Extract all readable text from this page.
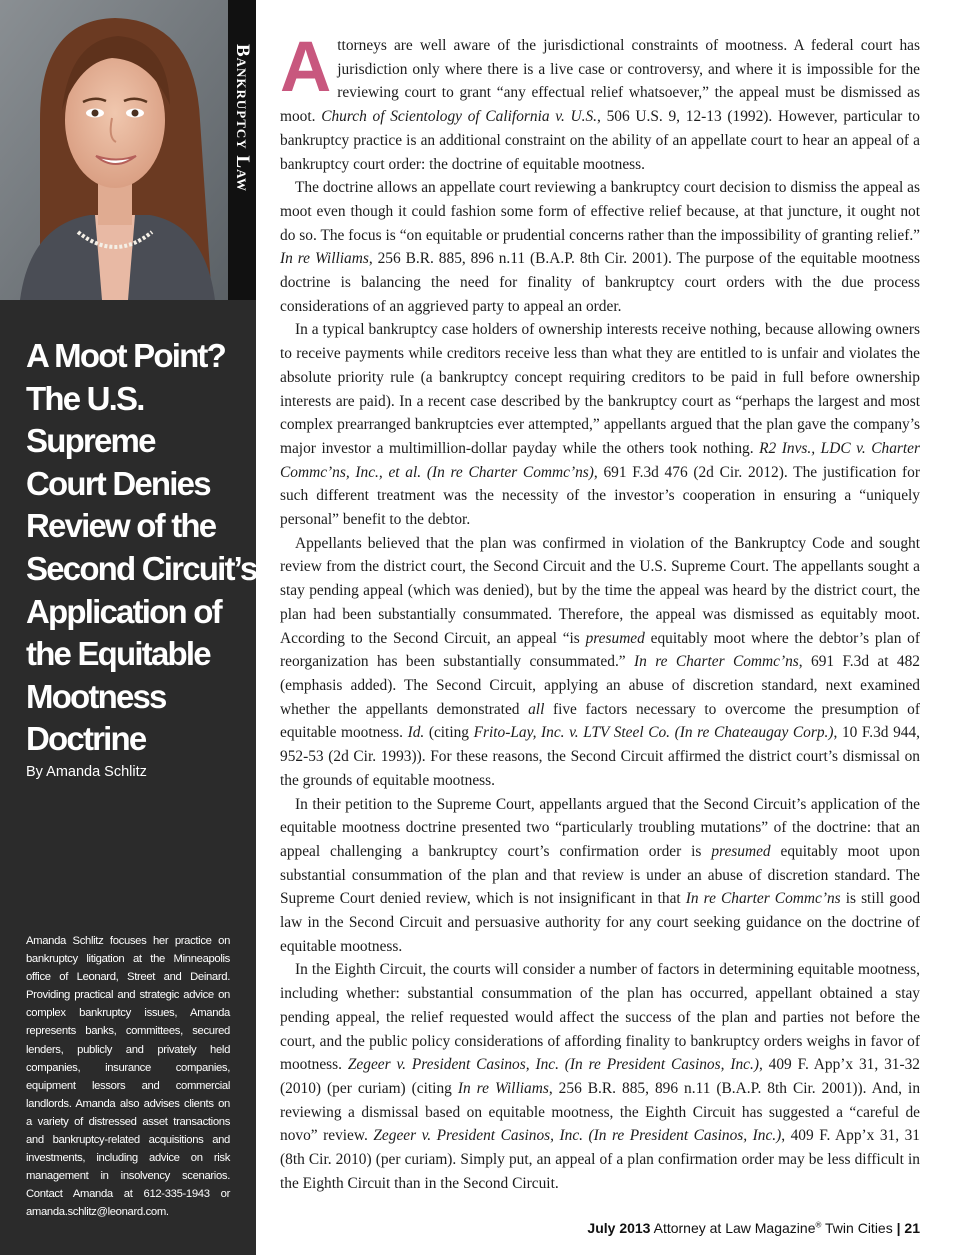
Bankruptcy Law
A Moot Point?
The U.S.
Supreme
Court Denies
Review of the
Second Circuit’s
Application of
the Equitable
Mootness
Doctrine
By Amanda Schlitz

Amanda Schlitz focuses her practice on bankruptcy litigation at the Minneapolis office of Leonard, Street and Deinard. Providing practical and strategic advice on complex bankruptcy issues, Amanda represents banks, committees, secured lenders, publicly and privately held companies, insurance companies, equipment lessors and commercial landlords. Amanda also advises clients on a variety of distressed asset transactions and bankruptcy-related acquisitions and investments, including advice on risk management in insolvency scenarios. Contact Amanda at 612-335-1943 or amanda.schlitz@leonard.com.

Attorneys are well aware of the jurisdictional constraints of mootness. A federal court has jurisdiction only where there is a live case or controversy, and where it is impossible for the reviewing court to grant “any effectual relief whatsoever,” the appeal must be dismissed as moot. Church of Scientology of California v. U.S., 506 U.S. 9, 12-13 (1992). However, particular to bankruptcy practice is an additional constraint on the ability of an appellate court to hear an appeal of a bankruptcy court order: the doctrine of equitable mootness.

The doctrine allows an appellate court reviewing a bankruptcy court decision to dismiss the appeal as moot even though it could fashion some form of effective relief because, at that juncture, it ought not do so. The focus is “on equitable or prudential concerns rather than the impossibility of granting relief.” In re Williams, 256 B.R. 885, 896 n.11 (B.A.P. 8th Cir. 2001). The purpose of the equitable mootness doctrine is balancing the need for finality of bankruptcy court orders with the due process considerations of an aggrieved party to appeal an order.

In a typical bankruptcy case holders of ownership interests receive nothing, because allowing owners to receive payments while creditors receive less than what they are entitled to is unfair and violates the absolute priority rule (a bankruptcy concept requiring creditors to be paid in full before ownership interests are paid). In a recent case described by the bankruptcy court as “perhaps the largest and most complex prearranged bankruptcies ever attempted,” appellants argued that the plan gave the company’s major investor a multimillion-dollar payday while the others took nothing. R2 Invs., LDC v. Charter Commc’ns, Inc., et al. (In re Charter Commc’ns), 691 F.3d 476 (2d Cir. 2012). The justification for such different treatment was the necessity of the investor’s cooperation in ensuring a “uniquely personal” benefit to the debtor.

Appellants believed that the plan was confirmed in violation of the Bankruptcy Code and sought review from the district court, the Second Circuit and the U.S. Supreme Court. The appellants sought a stay pending appeal (which was denied), but by the time the appeal was heard by the district court, the plan had been substantially consummated. Therefore, the appeal was dismissed as equitably moot. According to the Second Circuit, an appeal “is presumed equitably moot where the debtor’s plan of reorganization has been substantially consummated.” In re Charter Commc’ns, 691 F.3d at 482 (emphasis added). The Second Circuit, applying an abuse of discretion standard, next examined whether the appellants demonstrated all five factors necessary to overcome the presumption of equitable mootness. Id. (citing Frito-Lay, Inc. v. LTV Steel Co. (In re Chateaugay Corp.), 10 F.3d 944, 952-53 (2d Cir. 1993)). For these reasons, the Second Circuit affirmed the district court’s dismissal on the grounds of equitable mootness.

In their petition to the Supreme Court, appellants argued that the Second Circuit’s application of the equitable mootness doctrine presented two “particularly troubling mutations” of the doctrine: that an appeal challenging a bankruptcy court’s confirmation order is presumed equitably moot upon substantial consummation of the plan and that review is under an abuse of discretion standard. The Supreme Court denied review, which is not insignificant in that In re Charter Commc’ns is still good law in the Second Circuit and persuasive authority for any court seeking guidance on the doctrine of equitable mootness.

In the Eighth Circuit, the courts will consider a number of factors in determining equitable mootness, including whether: substantial consummation of the plan has occurred, appellant obtained a stay pending appeal, the relief requested would affect the success of the plan and parties not before the court, and the public policy considerations of affording finality to bankruptcy orders weighs in favor of mootness. Zegeer v. President Casinos, Inc. (In re President Casinos, Inc.), 409 F. App’x 31, 31-32 (2010) (per curiam) (citing In re Williams, 256 B.R. 885, 896 n.11 (B.A.P. 8th Cir. 2001)). And, in reviewing a dismissal based on equitable mootness, the Eighth Circuit has suggested a “careful de novo” review. Zegeer v. President Casinos, Inc. (In re President Casinos, Inc.), 409 F. App’x 31, 31 (8th Cir. 2010) (per curiam). Simply put, an appeal of a plan confirmation order may be less difficult in the Eighth Circuit than in the Second Circuit.

July 2013 Attorney at Law Magazine® Twin Cities | 21
